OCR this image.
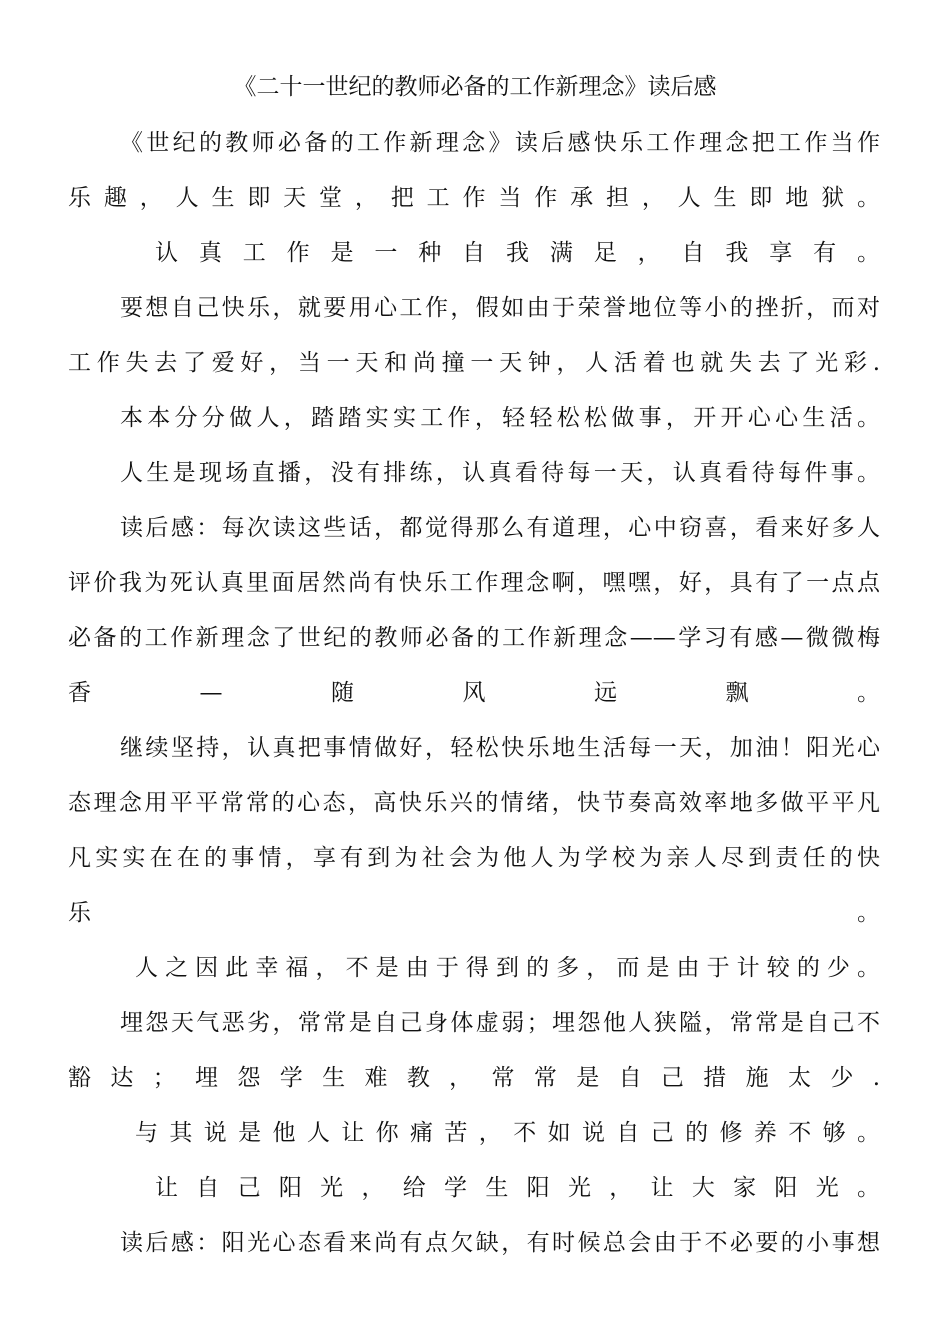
《二十一世纪的教师必备的工作新理念》读后感
《世纪的教师必备的工作新理念》读后感快乐工作理念把工作当作
乐趣，人生即天堂，把工作当作承担，人生即地狱。
认真工作是一种自我满足，自我享有。
要想自己快乐，就要用心工作，假如由于荣誉地位等小的挫折，而对
工作失去了爱好，当一天和尚撞一天钟，人活着也就失去了光彩.
本本分分做人，踏踏实实工作，轻轻松松做事，开开心心生活。
人生是现场直播，没有排练，认真看待每一天，认真看待每件事。
读后感：每次读这些话，都觉得那么有道理，心中窃喜，看来好多人
评价我为死认真里面居然尚有快乐工作理念啊，嘿嘿，好，具有了一点点
必备的工作新理念了世纪的教师必备的工作新理念——学习有感—微微梅
香—随风远飘。
继续坚持，认真把事情做好，轻松快乐地生活每一天，加油！阳光心
态理念用平平常常的心态，高快乐兴的情绪，快节奏高效率地多做平平凡
凡实实在在的事情，享有到为社会为他人为学校为亲人尽到责任的快
乐。
人之因此幸福，不是由于得到的多，而是由于计较的少。
埋怨天气恶劣，常常是自己身体虚弱；埋怨他人狭隘，常常是自己不
豁达；埋怨学生难教，常常是自己措施太少.
与其说是他人让你痛苦，不如说自己的修养不够。
让自己阳光，给学生阳光，让大家阳光。
读后感：阳光心态看来尚有点欠缺，有时候总会由于不必要的小事想
